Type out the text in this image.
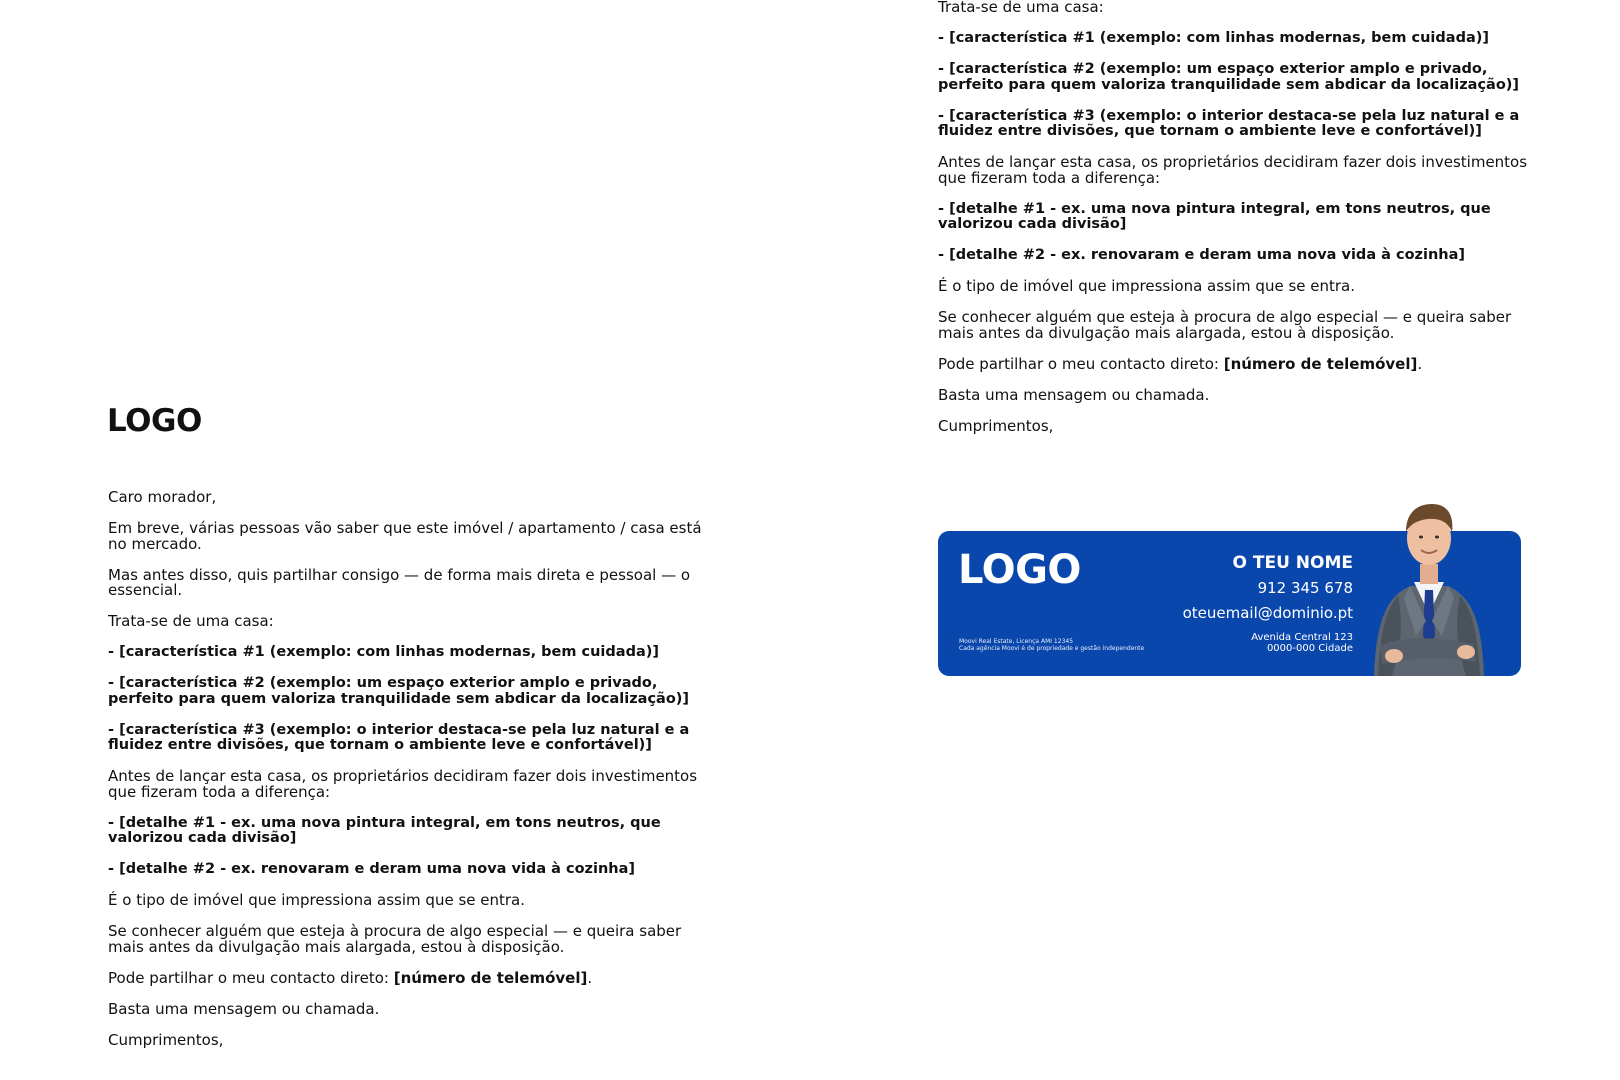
LOGO

Caro morador,

Em breve, várias pessoas vão saber que este imóvel / apartamento / casa está no mercado.

Mas antes disso, quis partilhar consigo — de forma mais direta e pessoal — o essencial.

Trata-se de uma casa:

- [característica #1 (exemplo: com linhas modernas, bem cuidada)]

- [característica #2 (exemplo: um espaço exterior amplo e privado, perfeito para quem valoriza tranquilidade sem abdicar da localização)]

- [característica #3 (exemplo: o interior destaca-se pela luz natural e a fluidez entre divisões, que tornam o ambiente leve e confortável)]

Antes de lançar esta casa, os proprietários decidiram fazer dois investimentos que fizeram toda a diferença:

- [detalhe #1 - ex. uma nova pintura integral, em tons neutros, que valorizou cada divisão]

- [detalhe #2 - ex. renovaram e deram uma nova vida à cozinha]

É o tipo de imóvel que impressiona assim que se entra.

Se conhecer alguém que esteja à procura de algo especial — e queira saber mais antes da divulgação mais alargada, estou à disposição.

Pode partilhar o meu contacto direto: [número de telemóvel].

Basta uma mensagem ou chamada.

Cumprimentos,

Trata-se de uma casa:

- [característica #1 (exemplo: com linhas modernas, bem cuidada)]

- [característica #2 (exemplo: um espaço exterior amplo e privado, perfeito para quem valoriza tranquilidade sem abdicar da localização)]

- [característica #3 (exemplo: o interior destaca-se pela luz natural e a fluidez entre divisões, que tornam o ambiente leve e confortável)]

Antes de lançar esta casa, os proprietários decidiram fazer dois investimentos que fizeram toda a diferença:

- [detalhe #1 - ex. uma nova pintura integral, em tons neutros, que valorizou cada divisão]

- [detalhe #2 - ex. renovaram e deram uma nova vida à cozinha]

É o tipo de imóvel que impressiona assim que se entra.

Se conhecer alguém que esteja à procura de algo especial — e queira saber mais antes da divulgação mais alargada, estou à disposição.

Pode partilhar o meu contacto direto: [número de telemóvel].

Basta uma mensagem ou chamada.

Cumprimentos,

LOGO
Moovi Real Estate, Licença AMI 12345
Cada agência Moovi é de propriedade e gestão independente
O TEU NOME
912 345 678
oteuemail@dominio.pt
Avenida Central 123
0000-000 Cidade
